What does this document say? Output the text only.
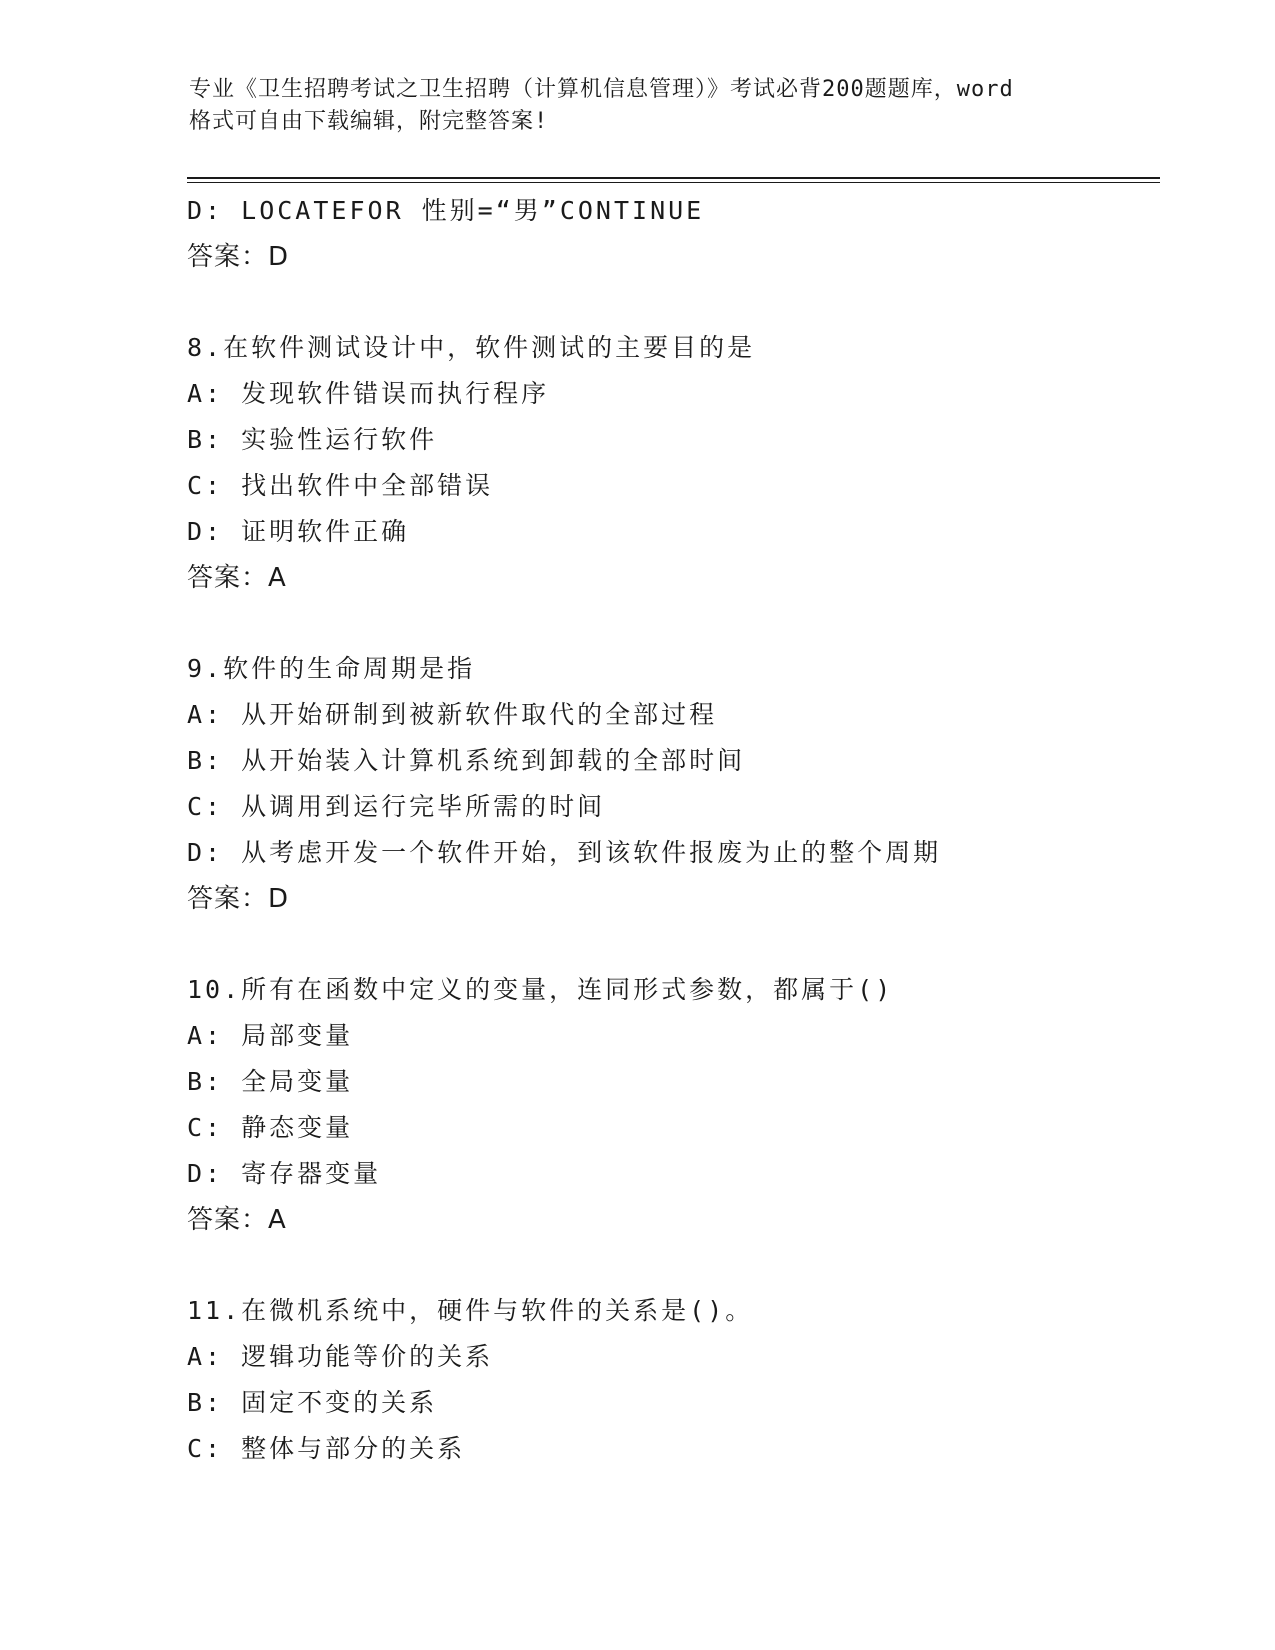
专业《卫生招聘考试之卫生招聘（计算机信息管理）》考试必背200题题库，word
格式可自由下载编辑，附完整答案!
D: LOCATEFOR 性别=“男”CONTINUE
答案：D
8.在软件测试设计中，软件测试的主要目的是
A: 发现软件错误而执行程序
B: 实验性运行软件
C: 找出软件中全部错误
D: 证明软件正确
答案：A
9.软件的生命周期是指
A: 从开始研制到被新软件取代的全部过程
B: 从开始装入计算机系统到卸载的全部时间
C: 从调用到运行完毕所需的时间
D: 从考虑开发一个软件开始，到该软件报废为止的整个周期
答案：D
10.所有在函数中定义的变量，连同形式参数，都属于()
A: 局部变量
B: 全局变量
C: 静态变量
D: 寄存器变量
答案：A
11.在微机系统中，硬件与软件的关系是()。
A: 逻辑功能等价的关系
B: 固定不变的关系
C: 整体与部分的关系
